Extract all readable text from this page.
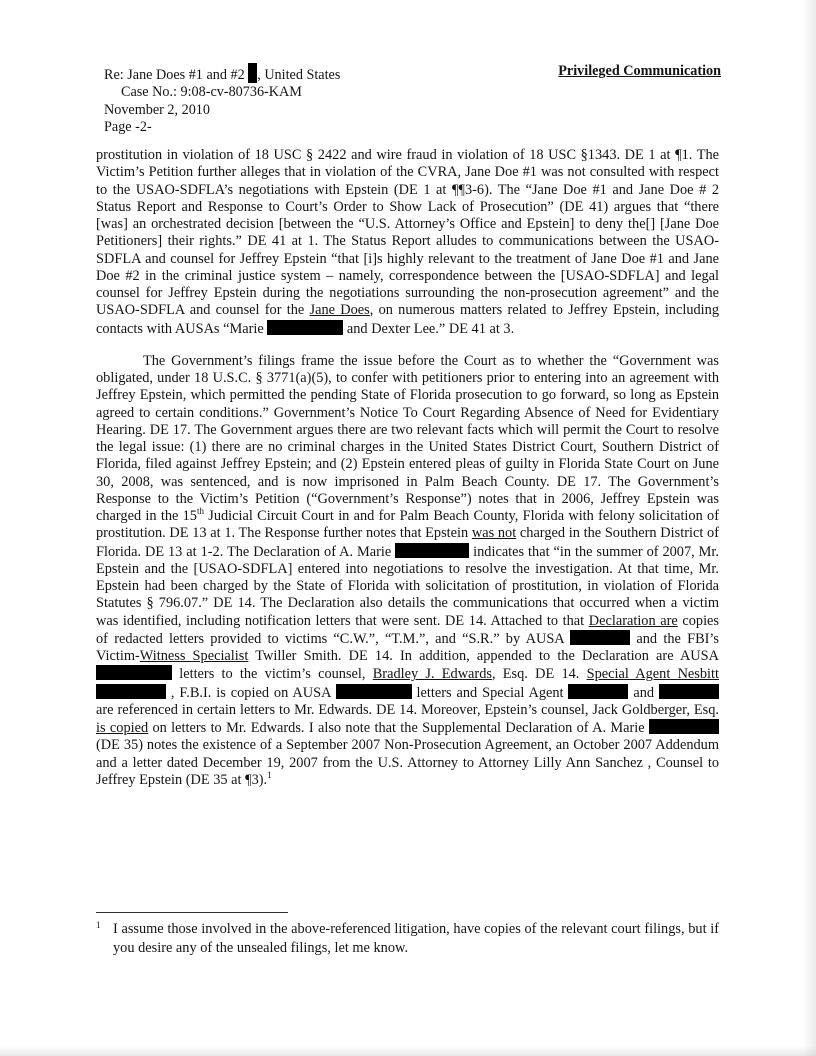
Re: Jane Does #1 and #2 , United States
Case No.: 9:08-cv-80736-KAM
November 2, 2010
Page -2-
Privileged Communication

prostitution in violation of 18 USC § 2422 and wire fraud in violation of 18 USC §1343. DE 1 at ¶1. The Victim’s Petition further alleges that in violation of the CVRA, Jane Doe #1 was not consulted with respect to the USAO-SDFLA’s negotiations with Epstein (DE 1 at ¶¶3-6). The “Jane Doe #1 and Jane Doe # 2 Status Report and Response to Court’s Order to Show Lack of Prosecution” (DE 41) argues that “there [was] an orchestrated decision [between the “U.S. Attorney’s Office and Epstein] to deny the[] [Jane Doe Petitioners] their rights.” DE 41 at 1. The Status Report alludes to communications between the USAO-SDFLA and counsel for Jeffrey Epstein “that [i]s highly relevant to the treatment of Jane Doe #1 and Jane Doe #2 in the criminal justice system – namely, correspondence between the [USAO-SDFLA] and legal counsel for Jeffrey Epstein during the negotiations surrounding the non-prosecution agreement” and the USAO-SDFLA and counsel for the Jane Does, on numerous matters related to Jeffrey Epstein, including contacts with AUSAs “Marie	and Dexter Lee.” DE 41 at 3.

The Government’s filings frame the issue before the Court as to whether the “Government was obligated, under 18 U.S.C. § 3771(a)(5), to confer with petitioners prior to entering into an agreement with Jeffrey Epstein, which permitted the pending State of Florida prosecution to go forward, so long as Epstein agreed to certain conditions.” Government’s Notice To Court Regarding Absence of Need for Evidentiary Hearing. DE 17. The Government argues there are two relevant facts which will permit the Court to resolve the legal issue: (1) there are no criminal charges in the United States District Court, Southern District of Florida, filed against Jeffrey Epstein; and (2) Epstein entered pleas of guilty in Florida State Court on June 30, 2008, was sentenced, and is now imprisoned in Palm Beach County. DE 17. The Government’s Response to the Victim’s Petition (“Government’s Response”) notes that in 2006, Jeffrey Epstein was charged in the 15th Judicial Circuit Court in and for Palm Beach County, Florida with felony solicitation of prostitution. DE 13 at 1. The Response further notes that Epstein was not charged in the Southern District of Florida. DE 13 at 1-2. The Declaration of A. Marie	indicates that “in the summer of 2007, Mr. Epstein and the [USAO-SDFLA] entered into negotiations to resolve the investigation. At that time, Mr. Epstein had been charged by the State of Florida with solicitation of prostitution, in violation of Florida Statutes § 796.07.” DE 14. The Declaration also details the communications that occurred when a victim was identified, including notification letters that were sent. DE 14. Attached to that Declaration are copies of redacted letters provided to victims “C.W.”, “T.M.”, and “S.R.” by AUSA	and the FBI’s Victim-Witness Specialist Twiller Smith. DE 14. In addition, appended to the Declaration are AUSA  letters to the victim’s counsel, Bradley J. Edwards, Esq. DE 14. Special Agent Nesbitt , F.B.I. is copied on AUSA	letters and Special Agent	and  are referenced in certain letters to Mr. Edwards. DE 14. Moreover, Epstein’s counsel, Jack Goldberger, Esq. is copied on letters to Mr. Edwards. I also note that the Supplemental Declaration of A. Marie  (DE 35) notes the existence of a September 2007 Non-Prosecution Agreement, an October 2007 Addendum and a letter dated December 19, 2007 from the U.S. Attorney to Attorney Lilly Ann Sanchez , Counsel to Jeffrey Epstein (DE 35 at ¶3).$^1$

1 I assume those involved in the above-referenced litigation, have copies of the relevant court filings, but if you desire any of the unsealed filings, let me know.
